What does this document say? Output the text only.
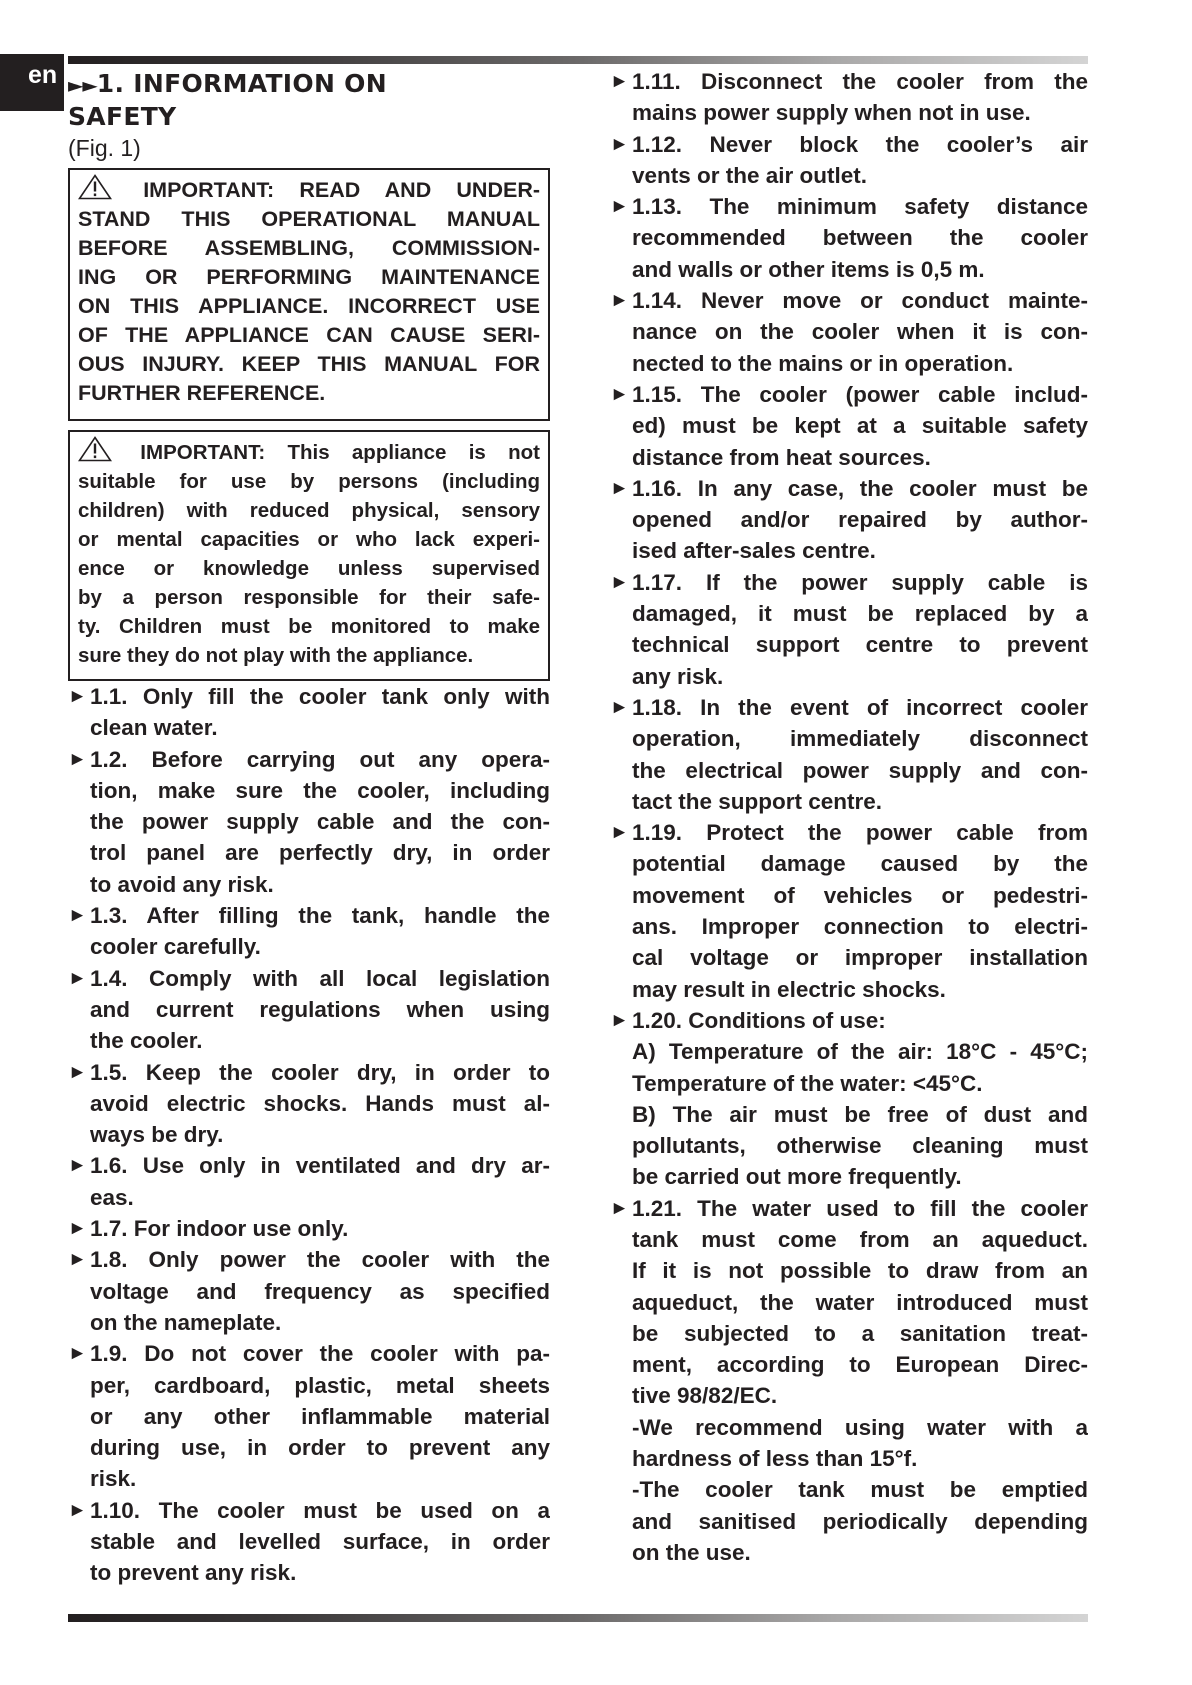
en ►►1. INFORMATION ON
SAFETY
(Fig. 1)
IMPORTANT: READ AND UNDER-
STAND THIS OPERATIONAL MANUAL
BEFORE ASSEMBLING, COMMISSION-
ING OR PERFORMING MAINTENANCE
ON THIS APPLIANCE. INCORRECT USE
OF THE APPLIANCE CAN CAUSE SERI-
OUS INJURY. KEEP THIS MANUAL FOR
FURTHER REFERENCE.
IMPORTANT: This appliance is not
suitable for use by persons (including
children) with reduced physical, sensory
or mental capacities or who lack experi-
ence or knowledge unless supervised
by a person responsible for their safe-
ty. Children must be monitored to make
sure they do not play with the appliance.
► 1.1. Only fill the cooler tank only with
clean water.
► 1.2. Before carrying out any opera-
tion, make sure the cooler, including
the power supply cable and the con-
trol panel are perfectly dry, in order
to avoid any risk.
► 1.3. After filling the tank, handle the
cooler carefully.
► 1.4. Comply with all local legislation
and current regulations when using
the cooler.
► 1.5. Keep the cooler dry, in order to
avoid electric shocks. Hands must al-
ways be dry.
► 1.6. Use only in ventilated and dry ar-
eas.
► 1.7. For indoor use only.
► 1.8. Only power the cooler with the
voltage and frequency as specified
on the nameplate.
► 1.9. Do not cover the cooler with pa-
per, cardboard, plastic, metal sheets
or any other inflammable material
during use, in order to prevent any
risk.
► 1.10. The cooler must be used on a
stable and levelled surface, in order
to prevent any risk.
► 1.11. Disconnect the cooler from the
mains power supply when not in use.
► 1.12. Never block the cooler’s air
vents or the air outlet.
► 1.13. The minimum safety distance
recommended between the cooler
and walls or other items is 0,5 m.
► 1.14. Never move or conduct mainte-
nance on the cooler when it is con-
nected to the mains or in operation.
► 1.15. The cooler (power cable includ-
ed) must be kept at a suitable safety
distance from heat sources.
► 1.16. In any case, the cooler must be
opened and/or repaired by author-
ised after-sales centre.
► 1.17. If the power supply cable is
damaged, it must be replaced by a
technical support centre to prevent
any risk.
► 1.18. In the event of incorrect cooler
operation, immediately disconnect
the electrical power supply and con-
tact the support centre.
► 1.19. Protect the power cable from
potential damage caused by the
movement of vehicles or pedestri-
ans. Improper connection to electri-
cal voltage or improper installation
may result in electric shocks.
► 1.20. Conditions of use:
A) Temperature of the air: 18°C - 45°C;
Temperature of the water: <45°C.
B) The air must be free of dust and
pollutants, otherwise cleaning must
be carried out more frequently.
► 1.21. The water used to fill the cooler
tank must come from an aqueduct.
If it is not possible to draw from an
aqueduct, the water introduced must
be subjected to a sanitation treat-
ment, according to European Direc-
tive 98/82/EC.
-We recommend using water with a
hardness of less than 15°f.
-The cooler tank must be emptied
and sanitised periodically depending
on the use.
